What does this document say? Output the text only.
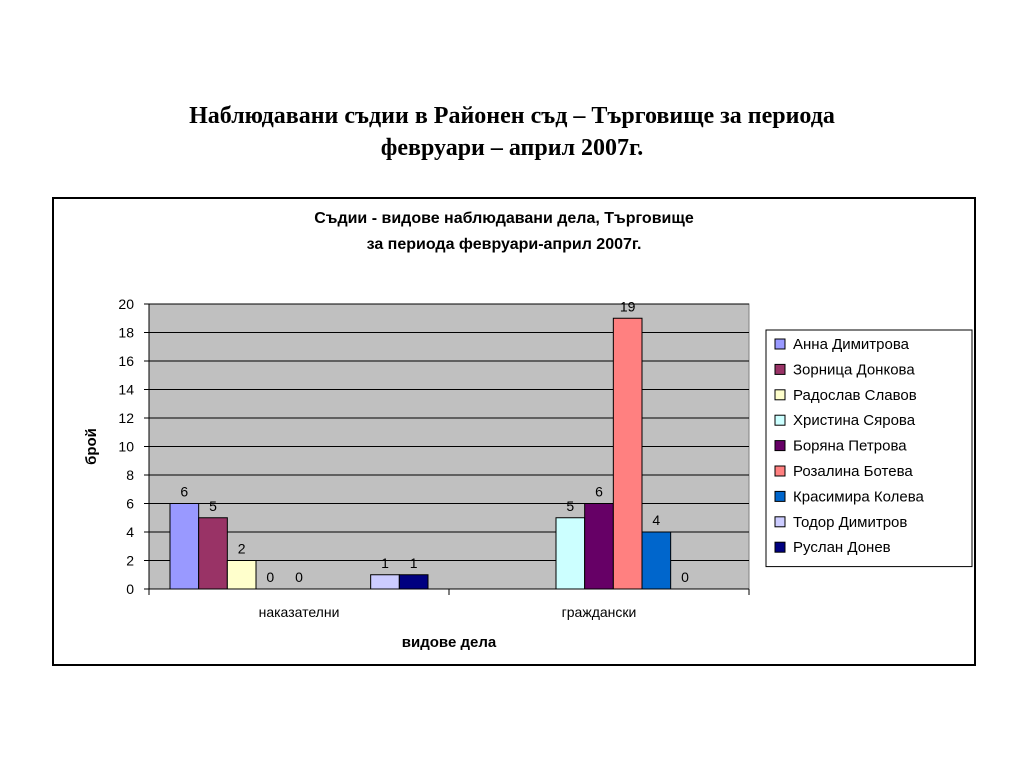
Наблюдавани съдии в Районен съд – Търговище за периода
февруари – април 2007г.
Съдии - видове наблюдавани дела, Търговище
за периода февруари-април 2007г.
0
2
4
6
8
10
12
14
16
18
20
наказателни	граждански
6
5
2
0
5
0
6
19
4
1
0
1
видове дела
брой
Анна Димитрова
Зорница Донкова
Радослав Славов
Христина Сярова
Боряна Петрова
Розалина Ботева
Красимира Колева
Тодор Димитров
Руслан Донев
